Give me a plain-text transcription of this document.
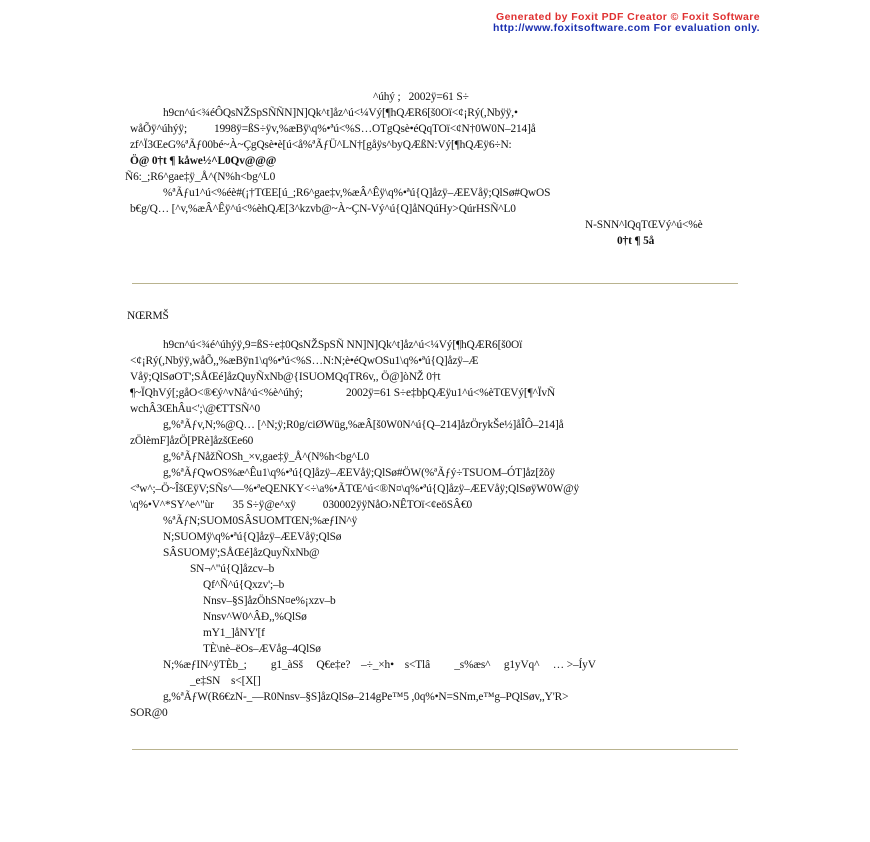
Generated by Foxit PDF Creator © Foxit Software
http://www.foxitsoftware.com For evaluation only.
^úhý ;   2002ÿ=61 S÷
h9cn^ú<¾éÔQsNŽSpSÑÑN]N]Qk^t]åz^ú<¼Vý[¶hQÆR6[š0Oï<¢¡Rý(,Nbÿÿ,•
wåÕÿ^úhýÿ;          1998ÿ=ßS÷ÿv,%æBÿ\q%•ªú<%S…OTgQsè•éQqTOï<¢N†0W0N–214]å
zf^Ï3ŒeG%ªÃƒ00bé~À~ÇgQsè•è[ú<å%ªÃƒÜ^LN†[gåÿs^byQÆßN:Vý[¶hQÆÿ6÷N:
Ö@ 0†t ¶ kåwe½^L0Qv@@@
Ñ6:_;R6^gae‡ÿ_Å^(N%h<bg^L0
%ªÃƒu1^ú<%éè#(¡†TŒE[ú_;R6^gae‡v,%æÂ^Êÿ\q%•ªú{Q]åzÿ–ÆEVåÿ;QlSø#QwOS
b€g/Q… [^v,%æÂ^Êÿ^ú<%èhQÆ[3^kzvb@~À~ÇN-Vý^ú{Q]åNQúHy>QúrHSÑ^L0
N-SNN^lQqTŒVý^ú<%è
0†t ¶ 5å
NŒRMŠ
h9cn^ú<¾é^úhýÿ,9=ßS÷e‡0QsNŽSpSÑ NN]N]Qk^t]åz^ú<¼Vý[¶hQÆR6[š0Oï
<¢¡Rý(,Nbÿÿ,wåÕ,,%æBÿn1\q%•ªú<%S…N:N;è•éQwOSu1\q%•ªú{Q]åzÿ–Æ
Våÿ;QlSøOT';SÅŒé]åzQuyÑxNb@{ISUOMQqTR6v,, Ö@]òNŽ 0†t
¶~ÏQhVý[;gåO<®€ý^vNå^ú<%è^úhý;                2002ÿ=61 S÷e‡bþQÆÿu1^ú<%èTŒVý[¶^ÏvÑ
wchÂ3ŒhÂu<';\@€TTSÑ^0
g,%ªÃƒv,N;%@Q… [^N;ÿ;R0g/ciØWüg,%æÂ[š0W0N^ú{Q–214]åzÖrykŠe½]åÎÔ–214]å
zÖlèmF]åzÖ[PRè]åzšŒe60
g,%ªÃƒNåžÑOSh_×v,gae‡ÿ_Å^(N%h<bg^L0
g,%ªÃƒQwOS%æ^Êu1\q%•ªú{Q]åzÿ–ÆEVåÿ;QlSø#ÖW(%ªÃƒý÷TSUOM–ÓT]åz[žõÿ
<ªw^;–Ö~ÎšŒÿV;SÑs^—%•ªeQENKY<÷\a%•ÃTŒ^ú<®N¤\q%•ªú{Q]åzÿ–ÆEVåÿ;QlSøÿW0W@ÿ
\q%•V^*SY^e^"ùr       35 S÷ÿ@e^xÿ          030002ÿÿNåO›NÊTOï<¢eöSÂ€0
%ªÃƒN;SUOM0SÂSUOMTŒN;%æƒIN^ÿ
N;SUOMÿ\q%•ªú{Q]åzÿ–ÆEVåÿ;QlSø
SÂSUOMÿ';SÅŒé]åzQuyÑxNb@
SN¬^"ú{Q]åzcv–b
Qf^Ñ^ú{Qxzv';–b
Nnsv–§S]åzÖhSN¤e%¡xzv–b
Nnsv^W0^ÂÐ,,%QlSø
mY1_]åNY'[f
TÈ\nè–ëOs–ÆVåg–4QlSø
N;%æƒIN^ÿTÈb_;         g1_àSš     Q€e‡e?    –÷_×h•    s<Tlâ         _s%æs^     g1yVq^     … >–ÍyV
_e‡SN    s<[X[]
g,%ªÃƒW(R6€zN-_—R0Nnsv–§S]åzQlSø–214gPe™5 ,0q%•N=SNm,e™g–PQlSøv,,Y'R>
SOR@0
